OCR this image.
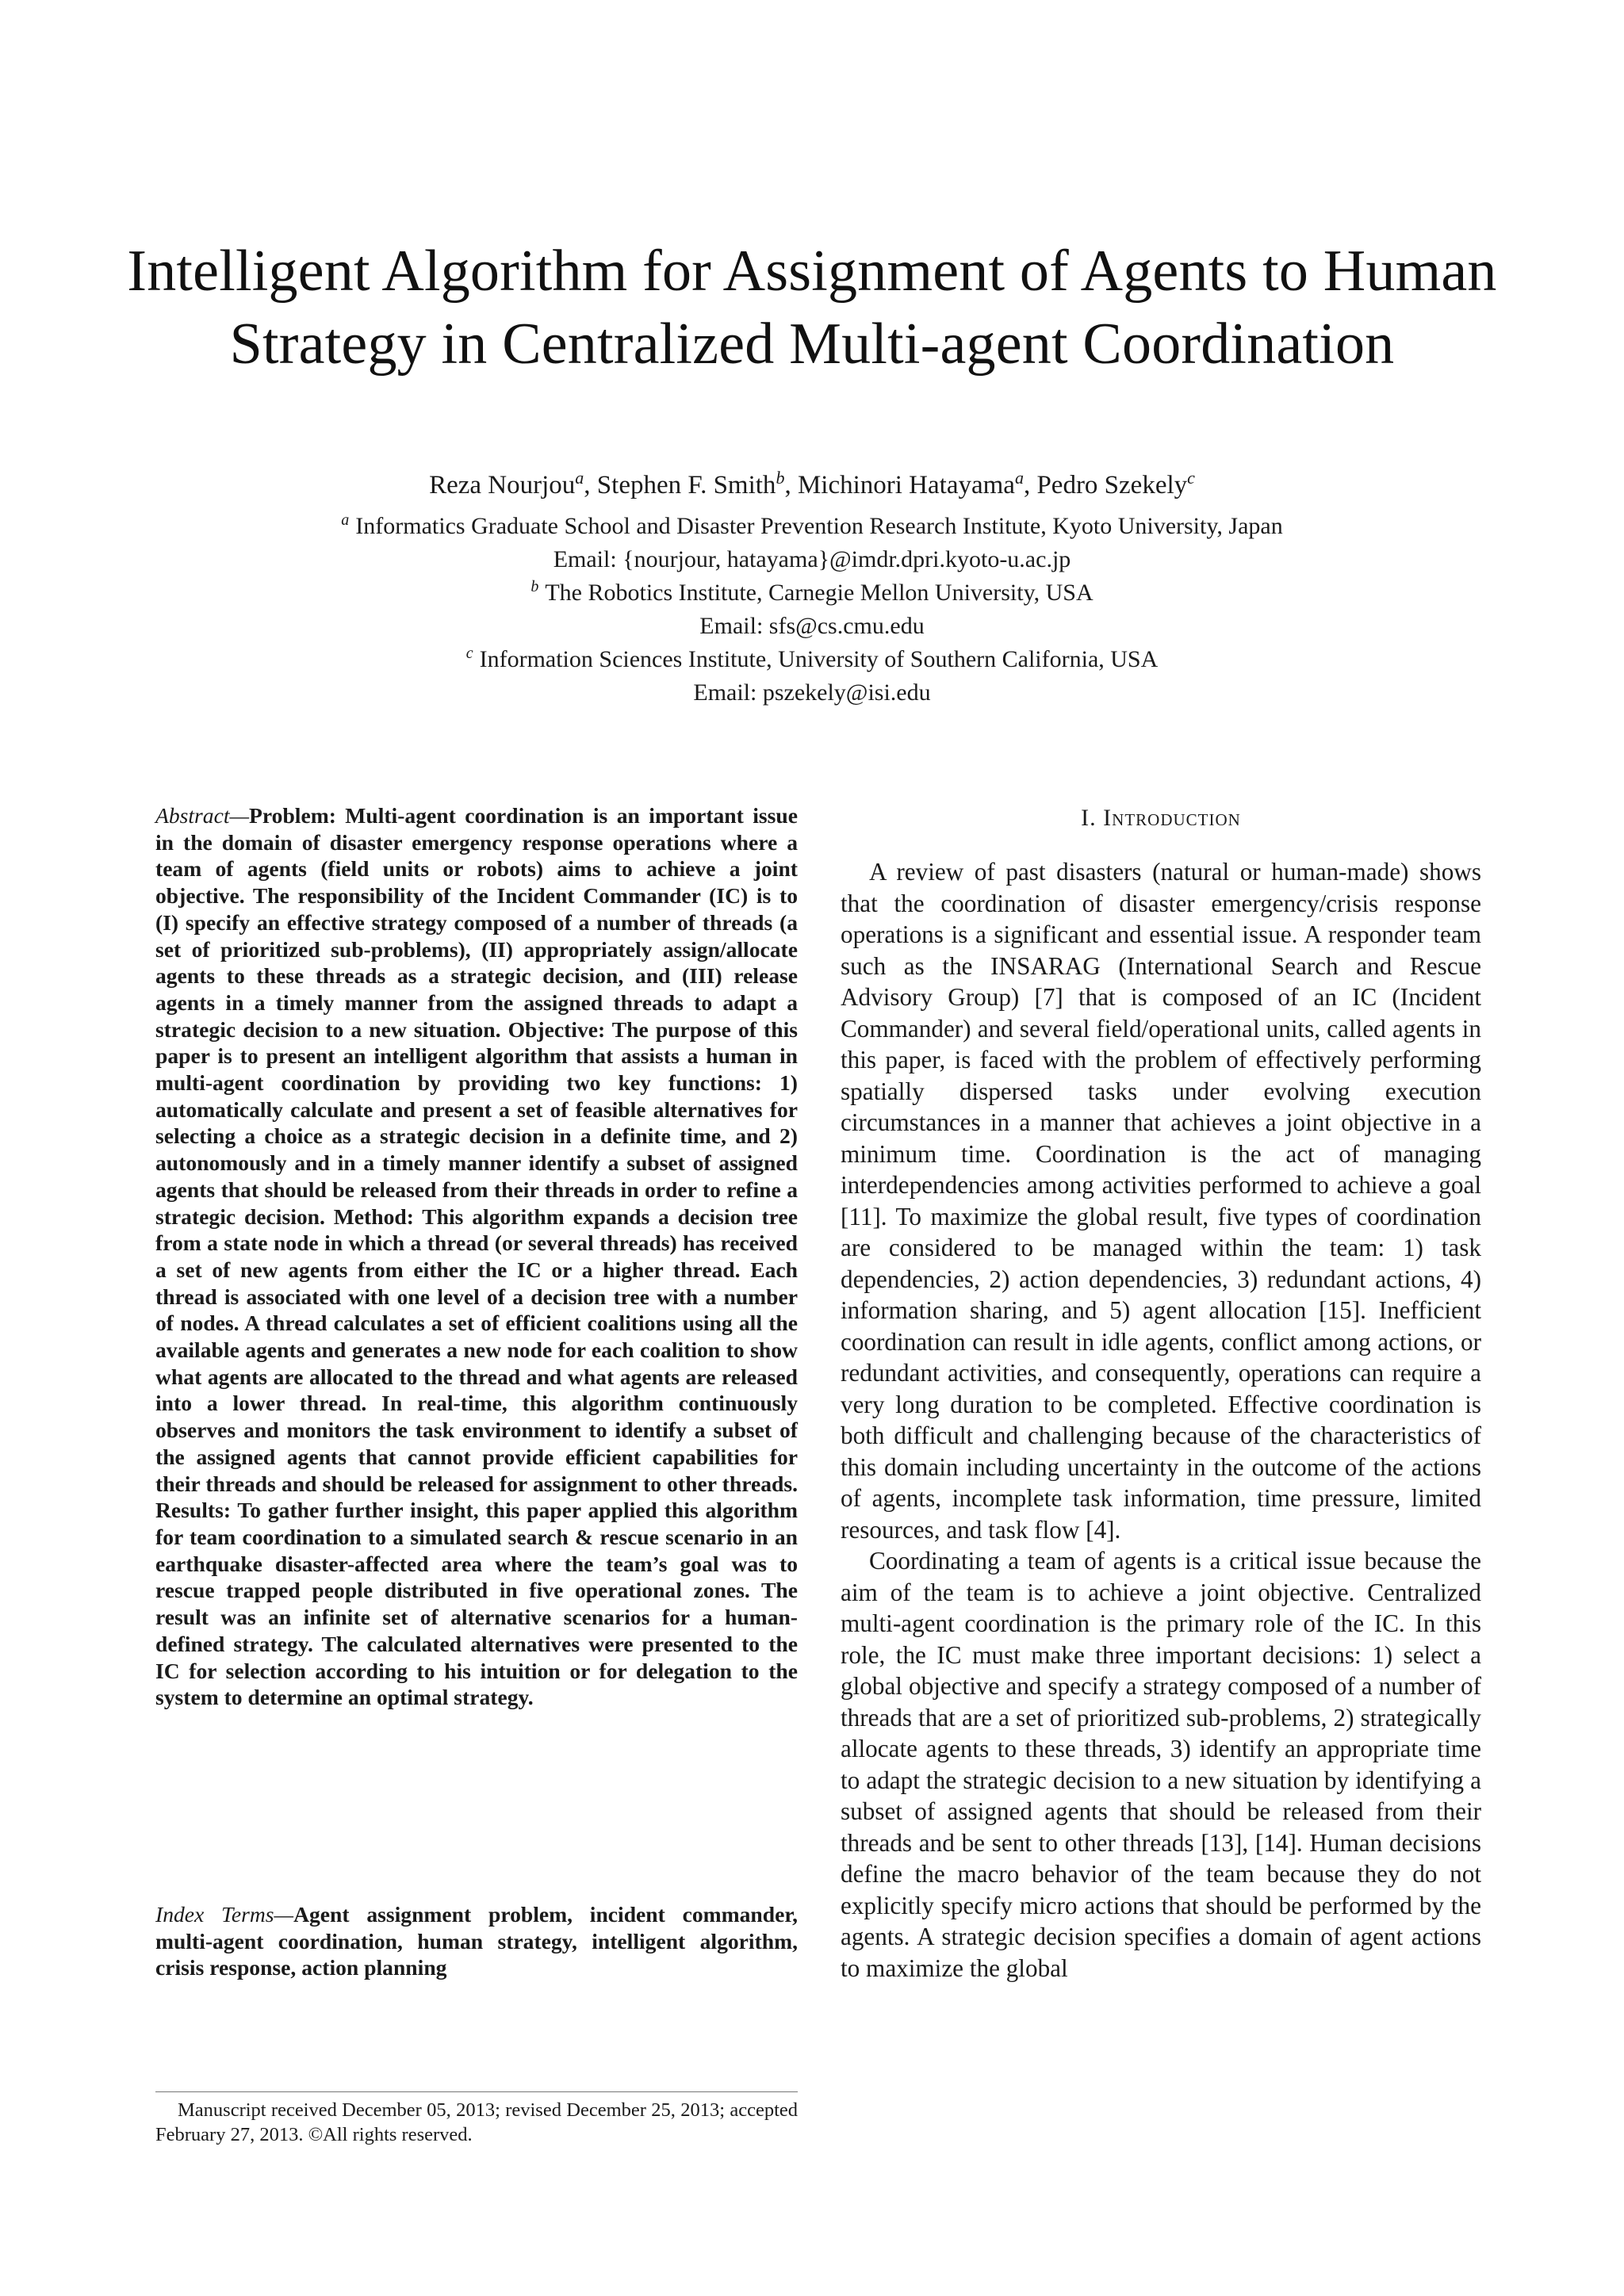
Intelligent Algorithm for Assignment of Agents to Human Strategy in Centralized Multi-agent Coordination
Reza Nourjou$^a$, Stephen F. Smith$^b$, Michinori Hatayama$^a$, Pedro Szekely$^c$
$^a$ Informatics Graduate School and Disaster Prevention Research Institute, Kyoto University, Japan
Email: {nourjour, hatayama}@imdr.dpri.kyoto-u.ac.jp
$^b$ The Robotics Institute, Carnegie Mellon University, USA
Email: sfs@cs.cmu.edu
$^c$ Information Sciences Institute, University of Southern California, USA
Email: pszekely@isi.edu

Abstract—Problem: Multi-agent coordination is an important issue in the domain of disaster emergency response operations where a team of agents (field units or robots) aims to achieve a joint objective. The responsibility of the Incident Commander (IC) is to (I) specify an effective strategy composed of a number of threads (a set of prioritized sub-problems), (II) appropriately assign/allocate agents to these threads as a strategic decision, and (III) release agents in a timely manner from the assigned threads to adapt a strategic decision to a new situation. Objective: The purpose of this paper is to present an intelligent algorithm that assists a human in multi-agent coordination by providing two key functions: 1) automatically calculate and present a set of feasible alternatives for selecting a choice as a strategic decision in a definite time, and 2) autonomously and in a timely manner identify a subset of assigned agents that should be released from their threads in order to refine a strategic decision. Method: This algorithm expands a decision tree from a state node in which a thread (or several threads) has received a set of new agents from either the IC or a higher thread. Each thread is associated with one level of a decision tree with a number of nodes. A thread calculates a set of efficient coalitions using all the available agents and generates a new node for each coalition to show what agents are allocated to the thread and what agents are released into a lower thread. In real-time, this algorithm continuously observes and monitors the task environment to identify a subset of the assigned agents that cannot provide efficient capabilities for their threads and should be released for assignment to other threads. Results: To gather further insight, this paper applied this algorithm for team coordination to a simulated search & rescue scenario in an earthquake disaster-affected area where the team’s goal was to rescue trapped people distributed in five operational zones. The result was an infinite set of alternative scenarios for a human-defined strategy. The calculated alternatives were presented to the IC for selection according to his intuition or for delegation to the system to determine an optimal strategy.

Index Terms—Agent assignment problem, incident commander, multi-agent coordination, human strategy, intelligent algorithm, crisis response, action planning

Manuscript received December 05, 2013; revised December 25, 2013; accepted February 27, 2013. ©All rights reserved.

I. Introduction

A review of past disasters (natural or human-made) shows that the coordination of disaster emergency/crisis response operations is a significant and essential issue. A responder team such as the INSARAG (International Search and Rescue Advisory Group) [7] that is composed of an IC (Incident Commander) and several field/operational units, called agents in this paper, is faced with the problem of effectively performing spatially dispersed tasks under evolving execution circumstances in a manner that achieves a joint objective in a minimum time. Coordination is the act of managing interdependencies among activities performed to achieve a goal [11]. To maximize the global result, five types of coordination are considered to be managed within the team: 1) task dependencies, 2) action dependencies, 3) redundant actions, 4) information sharing, and 5) agent allocation [15]. Inefficient coordination can result in idle agents, conflict among actions, or redundant activities, and consequently, operations can require a very long duration to be completed. Effective coordination is both difficult and challenging because of the characteristics of this domain including uncertainty in the outcome of the actions of agents, incomplete task information, time pressure, limited resources, and task flow [4].

Coordinating a team of agents is a critical issue because the aim of the team is to achieve a joint objective. Centralized multi-agent coordination is the primary role of the IC. In this role, the IC must make three important decisions: 1) select a global objective and specify a strategy composed of a number of threads that are a set of prioritized sub-problems, 2) strategically allocate agents to these threads, 3) identify an appropriate time to adapt the strategic decision to a new situation by identifying a subset of assigned agents that should be released from their threads and be sent to other threads [13], [14]. Human decisions define the macro behavior of the team because they do not explicitly specify micro actions that should be performed by the agents. A strategic decision specifies a domain of agent actions to maximize the global
